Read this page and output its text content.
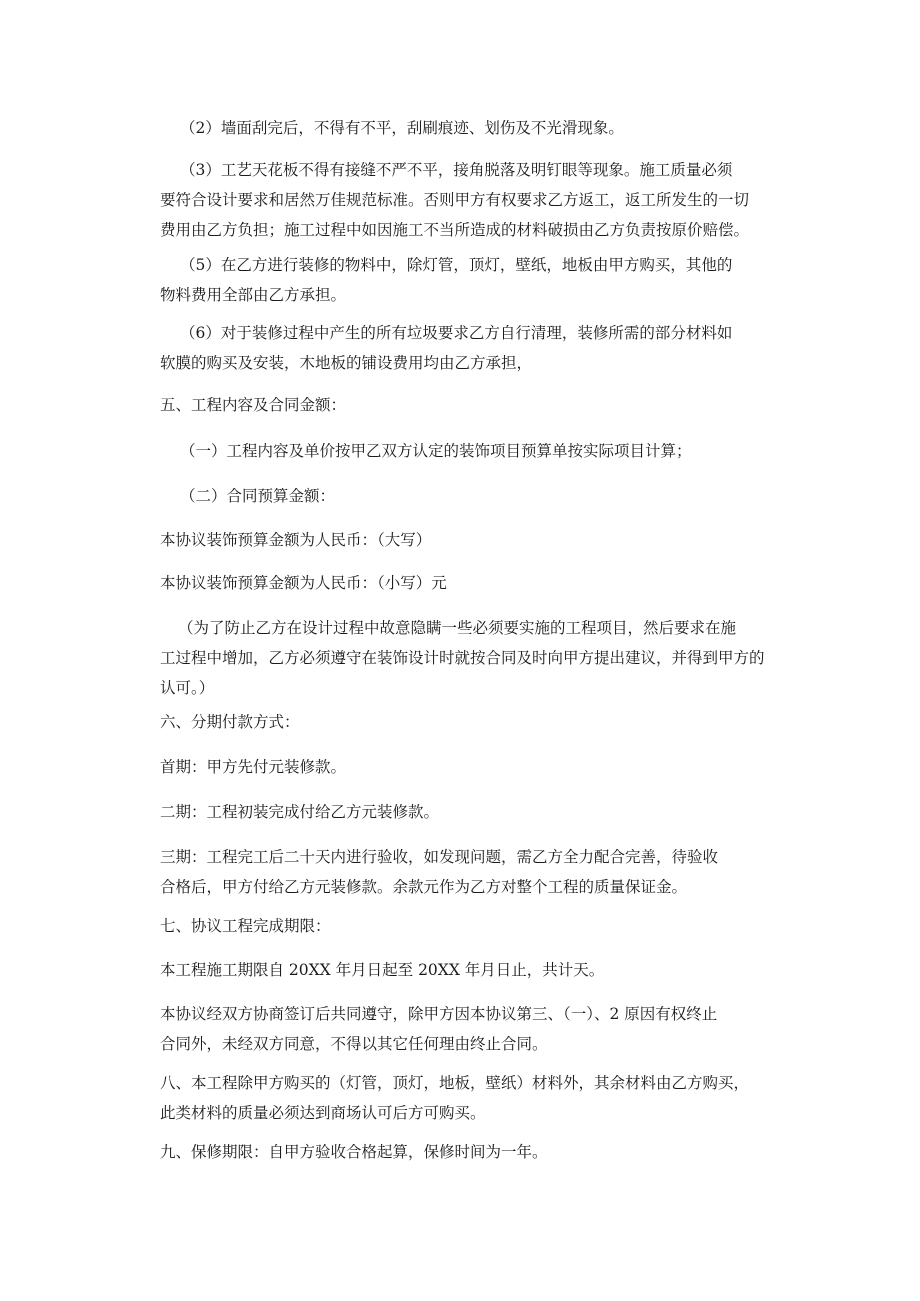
（2）墙面刮完后，不得有不平，刮刷痕迹、划伤及不光滑现象。

（3）工艺天花板不得有接缝不严不平，接角脱落及明钉眼等现象。施工质量必须
要符合设计要求和居然万佳规范标准。否则甲方有权要求乙方返工，返工所发生的一切
费用由乙方负担；施工过程中如因施工不当所造成的材料破损由乙方负责按原价赔偿。

（5）在乙方进行装修的物料中，除灯管，顶灯，壁纸，地板由甲方购买，其他的
物料费用全部由乙方承担。

（6）对于装修过程中产生的所有垃圾要求乙方自行清理，装修所需的部分材料如
软膜的购买及安装，木地板的铺设费用均由乙方承担，

五、工程内容及合同金额：

（一）工程内容及单价按甲乙双方认定的装饰项目预算单按实际项目计算；

（二）合同预算金额：

本协议装饰预算金额为人民币：（大写）

本协议装饰预算金额为人民币：（小写）元

（为了防止乙方在设计过程中故意隐瞒一些必须要实施的工程项目，然后要求在施
工过程中增加，乙方必须遵守在装饰设计时就按合同及时向甲方提出建议，并得到甲方的
认可。）

六、分期付款方式：

首期：甲方先付元装修款。

二期：工程初装完成付给乙方元装修款。

三期：工程完工后二十天内进行验收，如发现问题，需乙方全力配合完善，待验收
合格后，甲方付给乙方元装修款。余款元作为乙方对整个工程的质量保证金。

七、协议工程完成期限：

本工程施工期限自 20XX 年月日起至 20XX 年月日止，共计天。

本协议经双方协商签订后共同遵守，除甲方因本协议第三、（一）、2 原因有权终止
合同外，未经双方同意，不得以其它任何理由终止合同。

八、本工程除甲方购买的（灯管，顶灯，地板，壁纸）材料外，其余材料由乙方购买，
此类材料的质量必须达到商场认可后方可购买。

九、保修期限：自甲方验收合格起算，保修时间为一年。
